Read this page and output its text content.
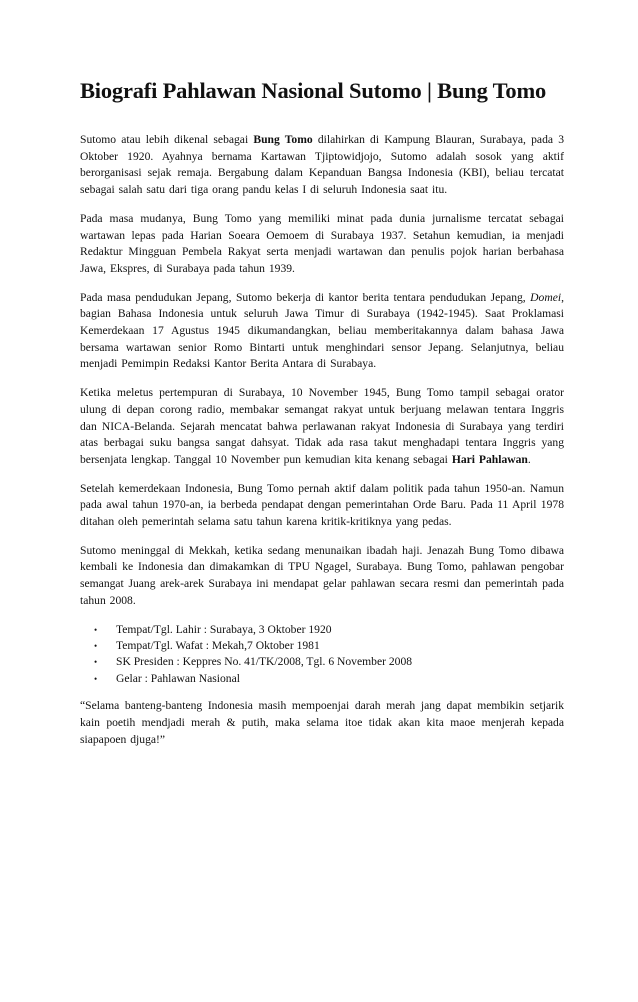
Biografi Pahlawan Nasional Sutomo | Bung Tomo

Sutomo atau lebih dikenal sebagai Bung Tomo dilahirkan di Kampung Blauran, Surabaya, pada 3 Oktober 1920. Ayahnya bernama Kartawan Tjiptowidjojo, Sutomo adalah sosok yang aktif berorganisasi sejak remaja. Bergabung dalam Kepanduan Bangsa Indonesia (KBI), beliau tercatat sebagai salah satu dari tiga orang pandu kelas I di seluruh Indonesia saat itu.

Pada masa mudanya, Bung Tomo yang memiliki minat pada dunia jurnalisme tercatat sebagai wartawan lepas pada Harian Soeara Oemoem di Surabaya 1937. Setahun kemudian, ia menjadi Redaktur Mingguan Pembela Rakyat serta menjadi wartawan dan penulis pojok harian berbahasa Jawa, Ekspres, di Surabaya pada tahun 1939.

Pada masa pendudukan Jepang, Sutomo bekerja di kantor berita tentara pendudukan Jepang, Domei, bagian Bahasa Indonesia untuk seluruh Jawa Timur di Surabaya (1942-1945). Saat Proklamasi Kemerdekaan 17 Agustus 1945 dikumandangkan, beliau memberitakannya dalam bahasa Jawa bersama wartawan senior Romo Bintarti untuk menghindari sensor Jepang. Selanjutnya, beliau menjadi Pemimpin Redaksi Kantor Berita Antara di Surabaya.

Ketika meletus pertempuran di Surabaya, 10 November 1945, Bung Tomo tampil sebagai orator ulung di depan corong radio, membakar semangat rakyat untuk berjuang melawan tentara Inggris dan NICA-Belanda. Sejarah mencatat bahwa perlawanan rakyat Indonesia di Surabaya yang terdiri atas berbagai suku bangsa sangat dahsyat. Tidak ada rasa takut menghadapi tentara Inggris yang bersenjata lengkap. Tanggal 10 November pun kemudian kita kenang sebagai Hari Pahlawan.

Setelah kemerdekaan Indonesia, Bung Tomo pernah aktif dalam politik pada tahun 1950-an. Namun pada awal tahun 1970-an, ia berbeda pendapat dengan pemerintahan Orde Baru. Pada 11 April 1978 ditahan oleh pemerintah selama satu tahun karena kritik-kritiknya yang pedas.

Sutomo meninggal di Mekkah, ketika sedang menunaikan ibadah haji. Jenazah Bung Tomo dibawa kembali ke Indonesia dan dimakamkan di TPU Ngagel, Surabaya. Bung Tomo, pahlawan pengobar semangat Juang arek-arek Surabaya ini mendapat gelar pahlawan secara resmi dan pemerintah pada tahun 2008.

• Tempat/Tgl. Lahir : Surabaya, 3 Oktober 1920
• Tempat/Tgl. Wafat : Mekah,7 Oktober 1981
• SK Presiden : Keppres No. 41/TK/2008, Tgl. 6 November 2008
• Gelar : Pahlawan Nasional

“Selama banteng-banteng Indonesia masih mempoenjai darah merah jang dapat membikin setjarik kain poetih mendjadi merah & putih, maka selama itoe tidak akan kita maoe menjerah kepada siapapoen djuga!”
